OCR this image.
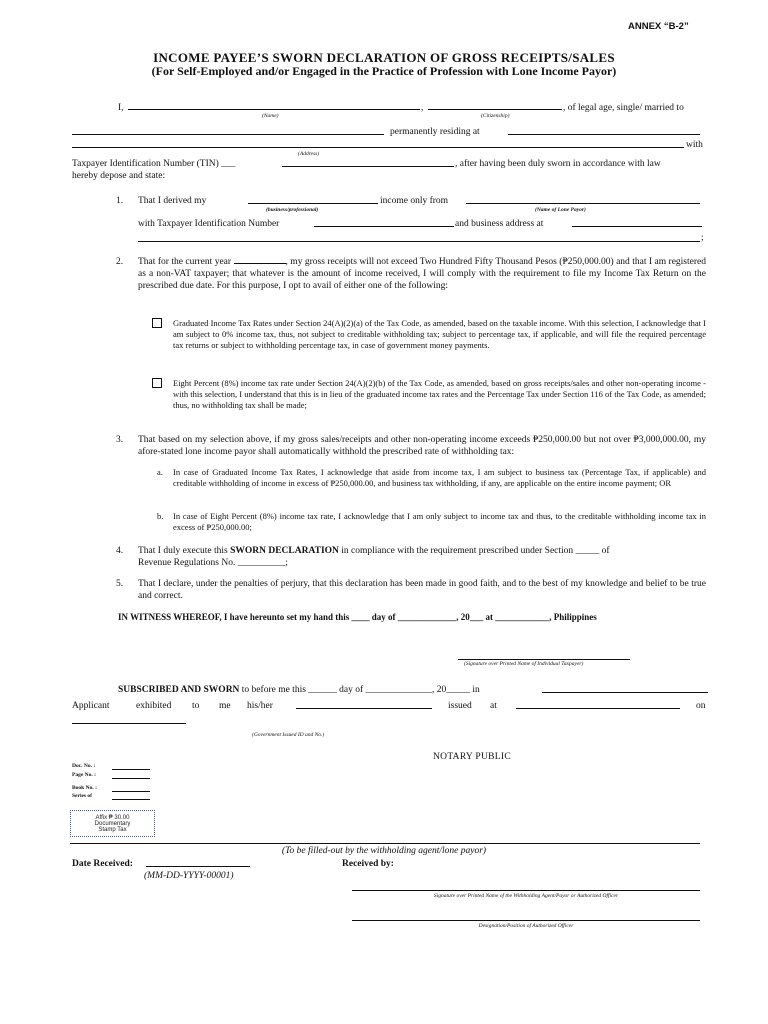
ANNEX “B-2”
INCOME PAYEE’S SWORN DECLARATION OF GROSS RECEIPTS/SALES
(For Self-Employed and/or Engaged in the Practice of Profession with Lone Income Payor)
I,	,	, of legal age, single/ married to
(Name)	(Citizenship)
permanently residing at
with
(Address)
Taxpayer Identification Number (TIN) ___	, after having been duly sworn in accordance with law
hereby depose and state:
1. That I derived my	income only from
(business/professional)	(Name of Lone Payor)
with Taxpayer Identification Number	and business address at
;
2. That for the current year	, my gross receipts will not exceed Two Hundred Fifty Thousand Pesos (₱250,000.00) and that I am registered as a non-VAT taxpayer; that whatever is the amount of income received, I will comply with the requirement to file my Income Tax Return on the prescribed due date. For this purpose, I opt to avail of either one of the following:
Graduated Income Tax Rates under Section 24(A)(2)(a) of the Tax Code, as amended, based on the taxable income. With this selection, I acknowledge that I am subject to 0% income tax, thus, not subject to creditable withholding tax; subject to percentage tax, if applicable, and will file the required percentage tax returns or subject to withholding percentage tax, in case of government money payments.
Eight Percent (8%) income tax rate under Section 24(A)(2)(b) of the Tax Code, as amended, based on gross receipts/sales and other non-operating income - with this selection, I understand that this is in lieu of the graduated income tax rates and the Percentage Tax under Section 116 of the Tax Code, as amended; thus, no withholding tax shall be made;
3. That based on my selection above, if my gross sales/receipts and other non-operating income exceeds ₱250,000.00 but not over ₱3,000,000.00, my afore-stated lone income payor shall automatically withhold the prescribed rate of withholding tax:
a. In case of Graduated Income Tax Rates, I acknowledge that aside from income tax, I am subject to business tax (Percentage Tax, if applicable) and creditable withholding of income in excess of ₱250,000.00, and business tax withholding, if any, are applicable on the entire income payment; OR
b. In case of Eight Percent (8%) income tax rate, I acknowledge that I am only subject to income tax and thus, to the creditable withholding income tax in excess of ₱250,000.00;
4. That I duly execute this SWORN DECLARATION in compliance with the requirement prescribed under Section _____ of
Revenue Regulations No. __________;
5. That I declare, under the penalties of perjury, that this declaration has been made in good faith, and to the best of my knowledge and belief to be true and correct.
IN WITNESS WHEREOF, I have hereunto set my hand this ____ day of _____________, 20___ at ____________, Philippines
(Signature over Printed Name of Individual Taxpayer)
SUBSCRIBED AND SWORN to before me this ______ day of ______________, 20_____ in
Applicant	exhibited to me his/her	issued at	on
(Government Issued ID and No.)
NOTARY PUBLIC
Doc. No. :
Page No. :
Book No. :
Series of
Affix ₱ 30.00
Documentary
Stamp Tax
(To be filled-out by the withholding agent/lone payor)
Date Received:
(MM-DD-YYYY-00001)
Received by:
Signature over Printed Name of the Withholding Agent/Payor or Authorized Officer
Designation/Position of Authorized Officer
